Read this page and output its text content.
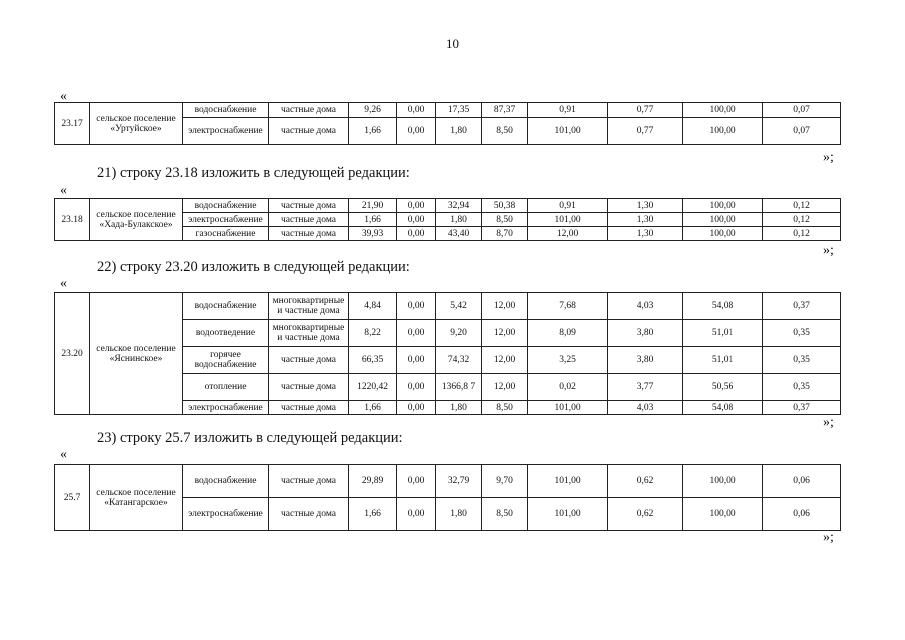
10
«
23.17	сельское поселение «Уртуйское»	водоснабжение	частные дома	9,26	0,00	17,35	87,37	0,91	0,77	100,00	0,07
		электроснабжение	частные дома	1,66	0,00	1,80	8,50	101,00	0,77	100,00	0,07
»;
21) строку 23.18 изложить в следующей редакции:
«
23.18	сельское поселение «Хада-Булакское»	водоснабжение	частные дома	21,90	0,00	32,94	50,38	0,91	1,30	100,00	0,12
		электроснабжение	частные дома	1,66	0,00	1,80	8,50	101,00	1,30	100,00	0,12
		газоснабжение	частные дома	39,93	0,00	43,40	8,70	12,00	1,30	100,00	0,12
»;
22) строку 23.20 изложить в следующей редакции:
«
23.20	сельское поселение «Яснинское»	водоснабжение	многоквартирные и частные дома	4,84	0,00	5,42	12,00	7,68	4,03	54,08	0,37
		водоотведение	многоквартирные и частные дома	8,22	0,00	9,20	12,00	8,09	3,80	51,01	0,35
		горячее водоснабжение	частные дома	66,35	0,00	74,32	12,00	3,25	3,80	51,01	0,35
		отопление	частные дома	1220,42	0,00	1366,8 7	12,00	0,02	3,77	50,56	0,35
		электроснабжение	частные дома	1,66	0,00	1,80	8,50	101,00	4,03	54,08	0,37
»;
23) строку 25.7 изложить в следующей редакции:
«
25.7	сельское поселение «Катангарское»	водоснабжение	частные дома	29,89	0,00	32,79	9,70	101,00	0,62	100,00	0,06
		электроснабжение	частные дома	1,66	0,00	1,80	8,50	101,00	0,62	100,00	0,06
»;
